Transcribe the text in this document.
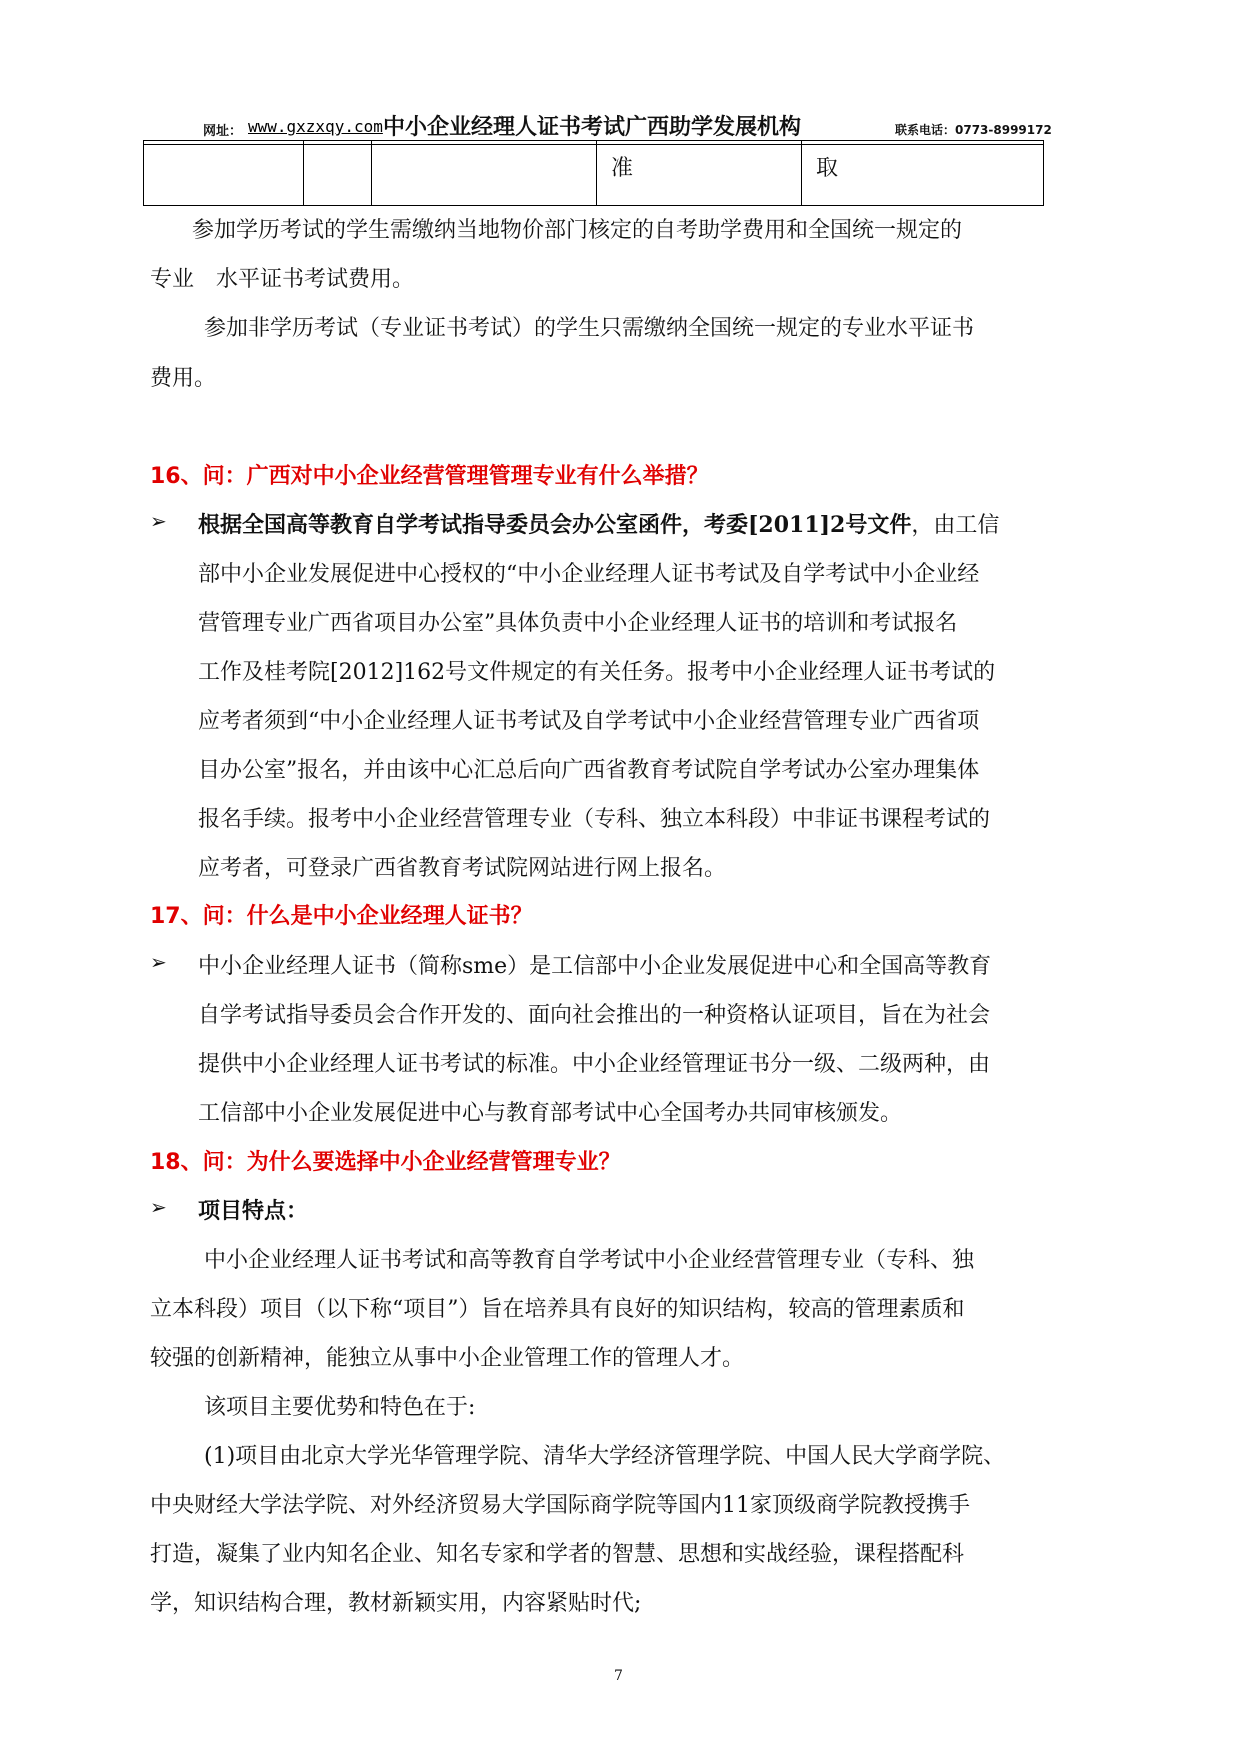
网址： www.gxzxqy.com 中小企业经理人证书考试广西助学发展机构	联系电话：0773-8999172
			准	取
参加学历考试的学生需缴纳当地物价部门核定的自考助学费用和全国统一规定的
专业　水平证书考试费用。
参加非学历考试（专业证书考试）的学生只需缴纳全国统一规定的专业水平证书
费用。
16、问：广西对中小企业经营管理管理专业有什么举措？
➢ 根据全国高等教育自学考试指导委员会办公室函件，考委[2011]2号文件，由工信
部中小企业发展促进中心授权的“中小企业经理人证书考试及自学考试中小企业经
营管理专业广西省项目办公室”具体负责中小企业经理人证书的培训和考试报名
工作及桂考院[2012]162号文件规定的有关任务。报考中小企业经理人证书考试的
应考者须到“中小企业经理人证书考试及自学考试中小企业经营管理专业广西省项
目办公室”报名，并由该中心汇总后向广西省教育考试院自学考试办公室办理集体
报名手续。报考中小企业经营管理专业（专科、独立本科段）中非证书课程考试的
应考者，可登录广西省教育考试院网站进行网上报名。
17、问：什么是中小企业经理人证书？
➢ 中小企业经理人证书（简称sme）是工信部中小企业发展促进中心和全国高等教育
自学考试指导委员会合作开发的、面向社会推出的一种资格认证项目，旨在为社会
提供中小企业经理人证书考试的标准。中小企业经管理证书分一级、二级两种，由
工信部中小企业发展促进中心与教育部考试中心全国考办共同审核颁发。
18、问：为什么要选择中小企业经营管理专业？
➢ 项目特点：
中小企业经理人证书考试和高等教育自学考试中小企业经营管理专业（专科、独
立本科段）项目（以下称“项目”）旨在培养具有良好的知识结构，较高的管理素质和
较强的创新精神，能独立从事中小企业管理工作的管理人才。
该项目主要优势和特色在于:
(1)项目由北京大学光华管理学院、清华大学经济管理学院、中国人民大学商学院、
中央财经大学法学院、对外经济贸易大学国际商学院等国内11家顶级商学院教授携手
打造，凝集了业内知名企业、知名专家和学者的智慧、思想和实战经验，课程搭配科
学，知识结构合理，教材新颖实用，内容紧贴时代;
7
